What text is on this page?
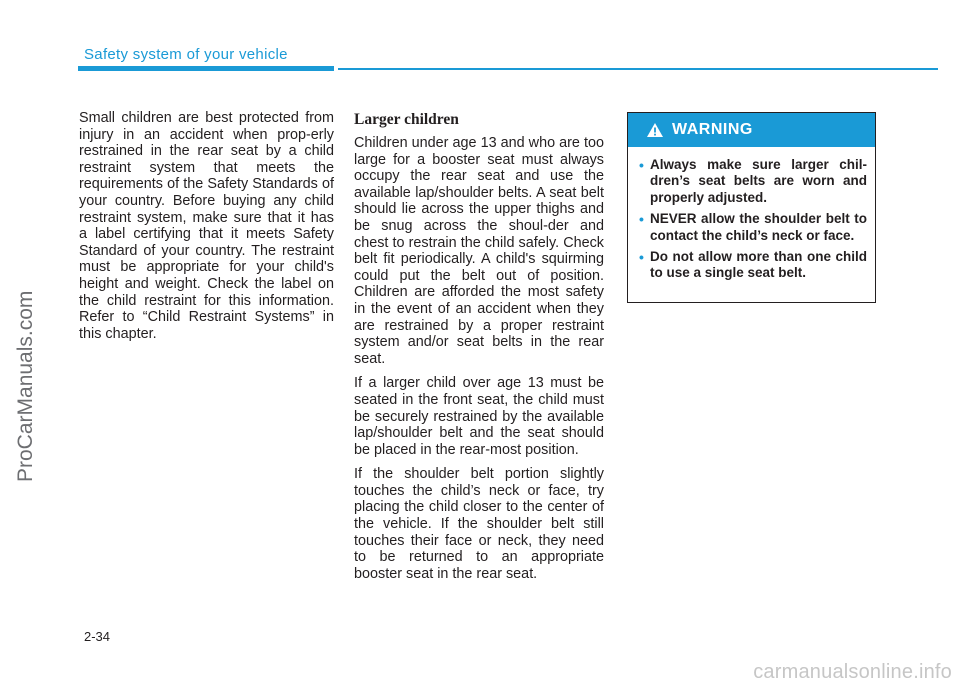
Safety system of your vehicle
ProCarManuals.com

Small children are best protected from injury in an accident when prop-erly restrained in the rear seat by a child restraint system that meets the requirements of the Safety Standards of your country. Before buying any child restraint system, make sure that it has a label certifying that it meets Safety Standard of your country. The restraint must be appropriate for your child's height and weight. Check the label on the child restraint for this information. Refer to “Child Restraint Systems” in this chapter.

Larger children

Children under age 13 and who are too large for a booster seat must always occupy the rear seat and use the available lap/shoulder belts. A seat belt should lie across the upper thighs and be snug across the shoul-der and chest to restrain the child safely. Check belt fit periodically. A child's squirming could put the belt out of position. Children are afforded the most safety in the event of an accident when they are restrained by a proper restraint system and/or seat belts in the rear seat.

If a larger child over age 13 must be seated in the front seat, the child must be securely restrained by the available lap/shoulder belt and the seat should be placed in the rear-most position.

If the shoulder belt portion slightly touches the child’s neck or face, try placing the child closer to the center of the vehicle. If the shoulder belt still touches their face or neck, they need to be returned to an appropriate booster seat in the rear seat.

WARNING
• Always make sure larger chil-dren’s seat belts are worn and properly adjusted.
• NEVER allow the shoulder belt to contact the child’s neck or face.
• Do not allow more than one child to use a single seat belt.
2-34
carmanualsonline.info
